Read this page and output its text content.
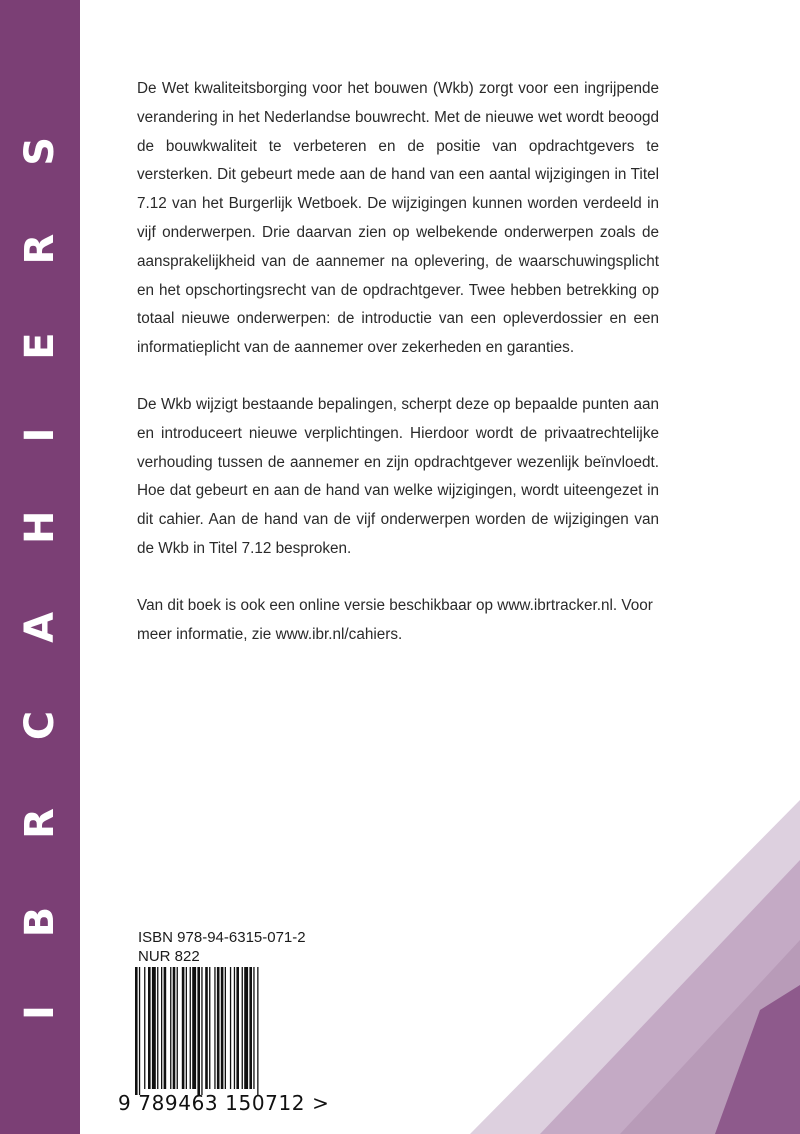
I B R C A H I E R S

De Wet kwaliteitsborging voor het bouwen (Wkb) zorgt voor een ingrijpende verandering in het Nederlandse bouwrecht. Met de nieuwe wet wordt beoogd de bouwkwaliteit te verbeteren en de positie van opdrachtgevers te versterken. Dit gebeurt mede aan de hand van een aantal wijzigingen in Titel 7.12 van het Burgerlijk Wetboek. De wijzigingen kunnen worden verdeeld in vijf onderwerpen. Drie daarvan zien op welbekende onderwerpen zoals de aansprakelijkheid van de aannemer na oplevering, de waarschuwingsplicht en het opschortingsrecht van de opdrachtgever. Twee hebben betrekking op totaal nieuwe onderwerpen: de introductie van een opleverdossier en een informatieplicht van de aannemer over zekerheden en garanties.

De Wkb wijzigt bestaande bepalingen, scherpt deze op bepaalde punten aan en introduceert nieuwe verplichtingen. Hierdoor wordt de privaatrechtelijke verhouding tussen de aannemer en zijn opdrachtgever wezenlijk beïnvloedt. Hoe dat gebeurt en aan de hand van welke wijzigingen, wordt uiteengezet in dit cahier. Aan de hand van de vijf onderwerpen worden de wijzigingen van de Wkb in Titel 7.12 besproken.

Van dit boek is ook een online versie beschikbaar op www.ibrtracker.nl. Voor meer informatie, zie www.ibr.nl/cahiers.

ISBN 978-94-6315-071-2
NUR 822
9 789463 150712 >
